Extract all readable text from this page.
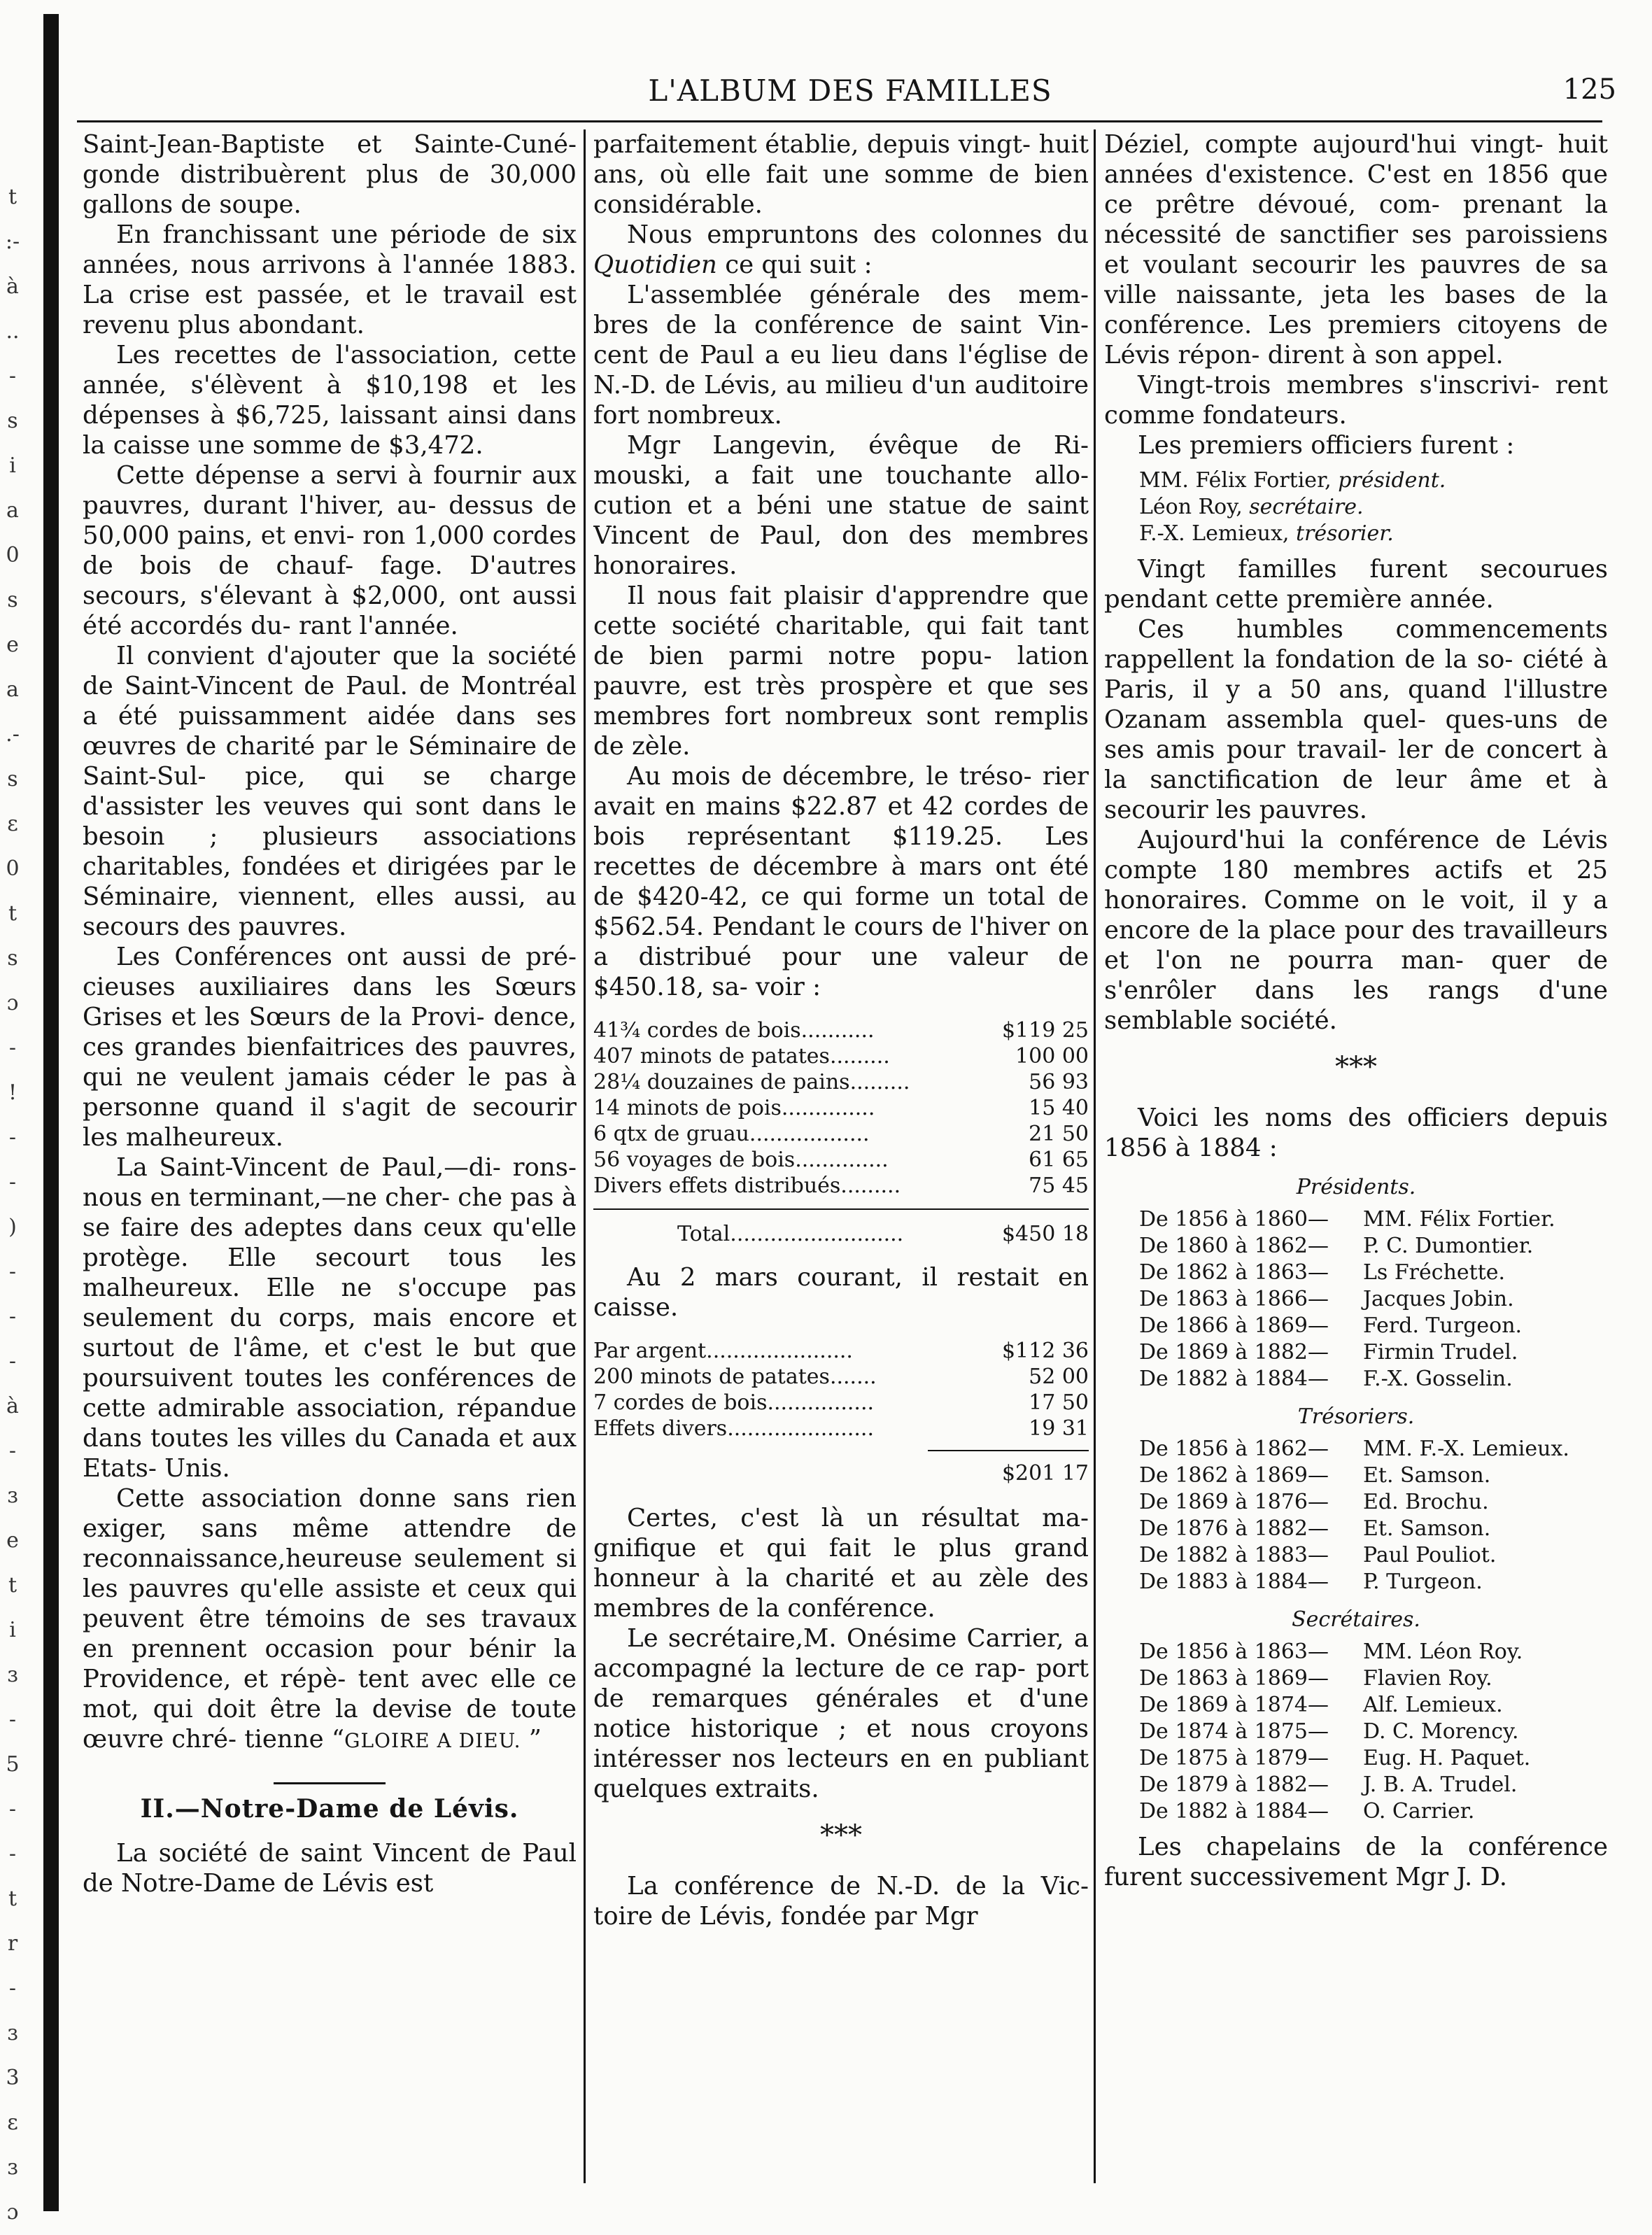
t
:-
à
..
-
s
i
a
0
s
e
a
.-
s
ɛ
0
t
s
ɔ
-
!
-
-
)
-
-
-
à
-
ɜ
e
t
i
ɜ
-
5
-
-
t
r
-
ɜ
3
ɛ
ɜ
ɔ
L'ALBUM DES FAMILLES	125

Saint-Jean-Baptiste et Sainte-Cuné- gonde distribuèrent plus de 30,000 gallons de soupe.

En franchissant une période de six années, nous arrivons à l'année 1883. La crise est passée, et le travail est revenu plus abondant.

Les recettes de l'association, cette année, s'élèvent à $10,198 et les dépenses à $6,725, laissant ainsi dans la caisse une somme de $3,472.

Cette dépense a servi à fournir aux pauvres, durant l'hiver, au- dessus de 50,000 pains, et envi- ron 1,000 cordes de bois de chauf- fage. D'autres secours, s'élevant à $2,000, ont aussi été accordés du- rant l'année.

Il convient d'ajouter que la société de Saint-Vincent de Paul. de Montréal a été puissamment aidée dans ses œuvres de charité par le Séminaire de Saint-Sul- pice, qui se charge d'assister les veuves qui sont dans le besoin ; plusieurs associations charitables, fondées et dirigées par le Séminaire, viennent, elles aussi, au secours des pauvres.

Les Conférences ont aussi de pré- cieuses auxiliaires dans les Sœurs Grises et les Sœurs de la Provi- dence, ces grandes bienfaitrices des pauvres, qui ne veulent jamais céder le pas à personne quand il s'agit de secourir les malheureux.

La Saint-Vincent de Paul,—di- rons-nous en terminant,—ne cher- che pas à se faire des adeptes dans ceux qu'elle protège. Elle secourt tous les malheureux. Elle ne s'occupe pas seulement du corps, mais encore et surtout de l'âme, et c'est le but que poursuivent toutes les conférences de cette admirable association, répandue dans toutes les villes du Canada et aux Etats- Unis.

Cette association donne sans rien exiger, sans même attendre de reconnaissance,heureuse seulement si les pauvres qu'elle assiste et ceux qui peuvent être témoins de ses travaux en prennent occasion pour bénir la Providence, et répè- tent avec elle ce mot, qui doit être la devise de toute œuvre chré- tienne “GLOIRE A DIEU. ”

II.—Notre-Dame de Lévis.

La société de saint Vincent de Paul de Notre-Dame de Lévis est

parfaitement établie, depuis vingt- huit ans, où elle fait une somme de bien considérable.

Nous empruntons des colonnes du Quotidien ce qui suit :

L'assemblée générale des mem- bres de la conférence de saint Vin- cent de Paul a eu lieu dans l'église de N.-D. de Lévis, au milieu d'un auditoire fort nombreux.

Mgr Langevin, évêque de Ri- mouski, a fait une touchante allo- cution et a béni une statue de saint Vincent de Paul, don des membres honoraires.

Il nous fait plaisir d'apprendre que cette société charitable, qui fait tant de bien parmi notre popu- lation pauvre, est très prospère et que ses membres fort nombreux sont remplis de zèle.

Au mois de décembre, le tréso- rier avait en mains $22.87 et 42 cordes de bois représentant $119.25. Les recettes de décembre à mars ont été de $420-42, ce qui forme un total de $562.54. Pendant le cours de l'hiver on a distribué pour une valeur de $450.18, sa- voir :

41¾ cordes de bois...........	$119 25
407 minots de patates.........	100 00
28¼ douzaines de pains.........	56 93
14 minots de pois..............	15 40
6 qtx de gruau..................	21 50
56 voyages de bois..............	61 65
Divers effets distribués.........	75 45
Total..........................	$450 18

Au 2 mars courant, il restait en caisse.

Par argent......................	$112 36
200 minots de patates.......	52 00
7 cordes de bois................	17 50
Effets divers......................	19 31
$201 17

Certes, c'est là un résultat ma- gnifique et qui fait le plus grand honneur à la charité et au zèle des membres de la conférence.

Le secrétaire,M. Onésime Carrier, a accompagné la lecture de ce rap- port de remarques générales et d'une notice historique ; et nous croyons intéresser nos lecteurs en en publiant quelques extraits.

***

La conférence de N.-D. de la Vic- toire de Lévis, fondée par Mgr

Déziel, compte aujourd'hui vingt- huit années d'existence. C'est en 1856 que ce prêtre dévoué, com- prenant la nécessité de sanctifier ses paroissiens et voulant secourir les pauvres de sa ville naissante, jeta les bases de la conférence. Les premiers citoyens de Lévis répon- dirent à son appel.

Vingt-trois membres s'inscrivi- rent comme fondateurs.

Les premiers officiers furent :

MM. Félix Fortier, président.
Léon Roy, secrétaire.
F.-X. Lemieux, trésorier.

Vingt familles furent secourues pendant cette première année.

Ces humbles commencements rappellent la fondation de la so- ciété à Paris, il y a 50 ans, quand l'illustre Ozanam assembla quel- ques-uns de ses amis pour travail- ler de concert à la sanctification de leur âme et à secourir les pauvres.

Aujourd'hui la conférence de Lévis compte 180 membres actifs et 25 honoraires. Comme on le voit, il y a encore de la place pour des travailleurs et l'on ne pourra man- quer de s'enrôler dans les rangs d'une semblable société.

***

Voici les noms des officiers depuis 1856 à 1884 :

Présidents.
De 1856 à 1860—	MM. Félix Fortier.
De 1860 à 1862—	P. C. Dumontier.
De 1862 à 1863—	Ls Fréchette.
De 1863 à 1866—	Jacques Jobin.
De 1866 à 1869—	Ferd. Turgeon.
De 1869 à 1882—	Firmin Trudel.
De 1882 à 1884—	F.-X. Gosselin.
Trésoriers.
De 1856 à 1862—	MM. F.-X. Lemieux.
De 1862 à 1869—	Et. Samson.
De 1869 à 1876—	Ed. Brochu.
De 1876 à 1882—	Et. Samson.
De 1882 à 1883—	Paul Pouliot.
De 1883 à 1884—	P. Turgeon.
Secrétaires.
De 1856 à 1863—	MM. Léon Roy.
De 1863 à 1869—	Flavien Roy.
De 1869 à 1874—	Alf. Lemieux.
De 1874 à 1875—	D. C. Morency.
De 1875 à 1879—	Eug. H. Paquet.
De 1879 à 1882—	J. B. A. Trudel.
De 1882 à 1884—	O. Carrier.

Les chapelains de la conférence furent successivement Mgr J. D.
